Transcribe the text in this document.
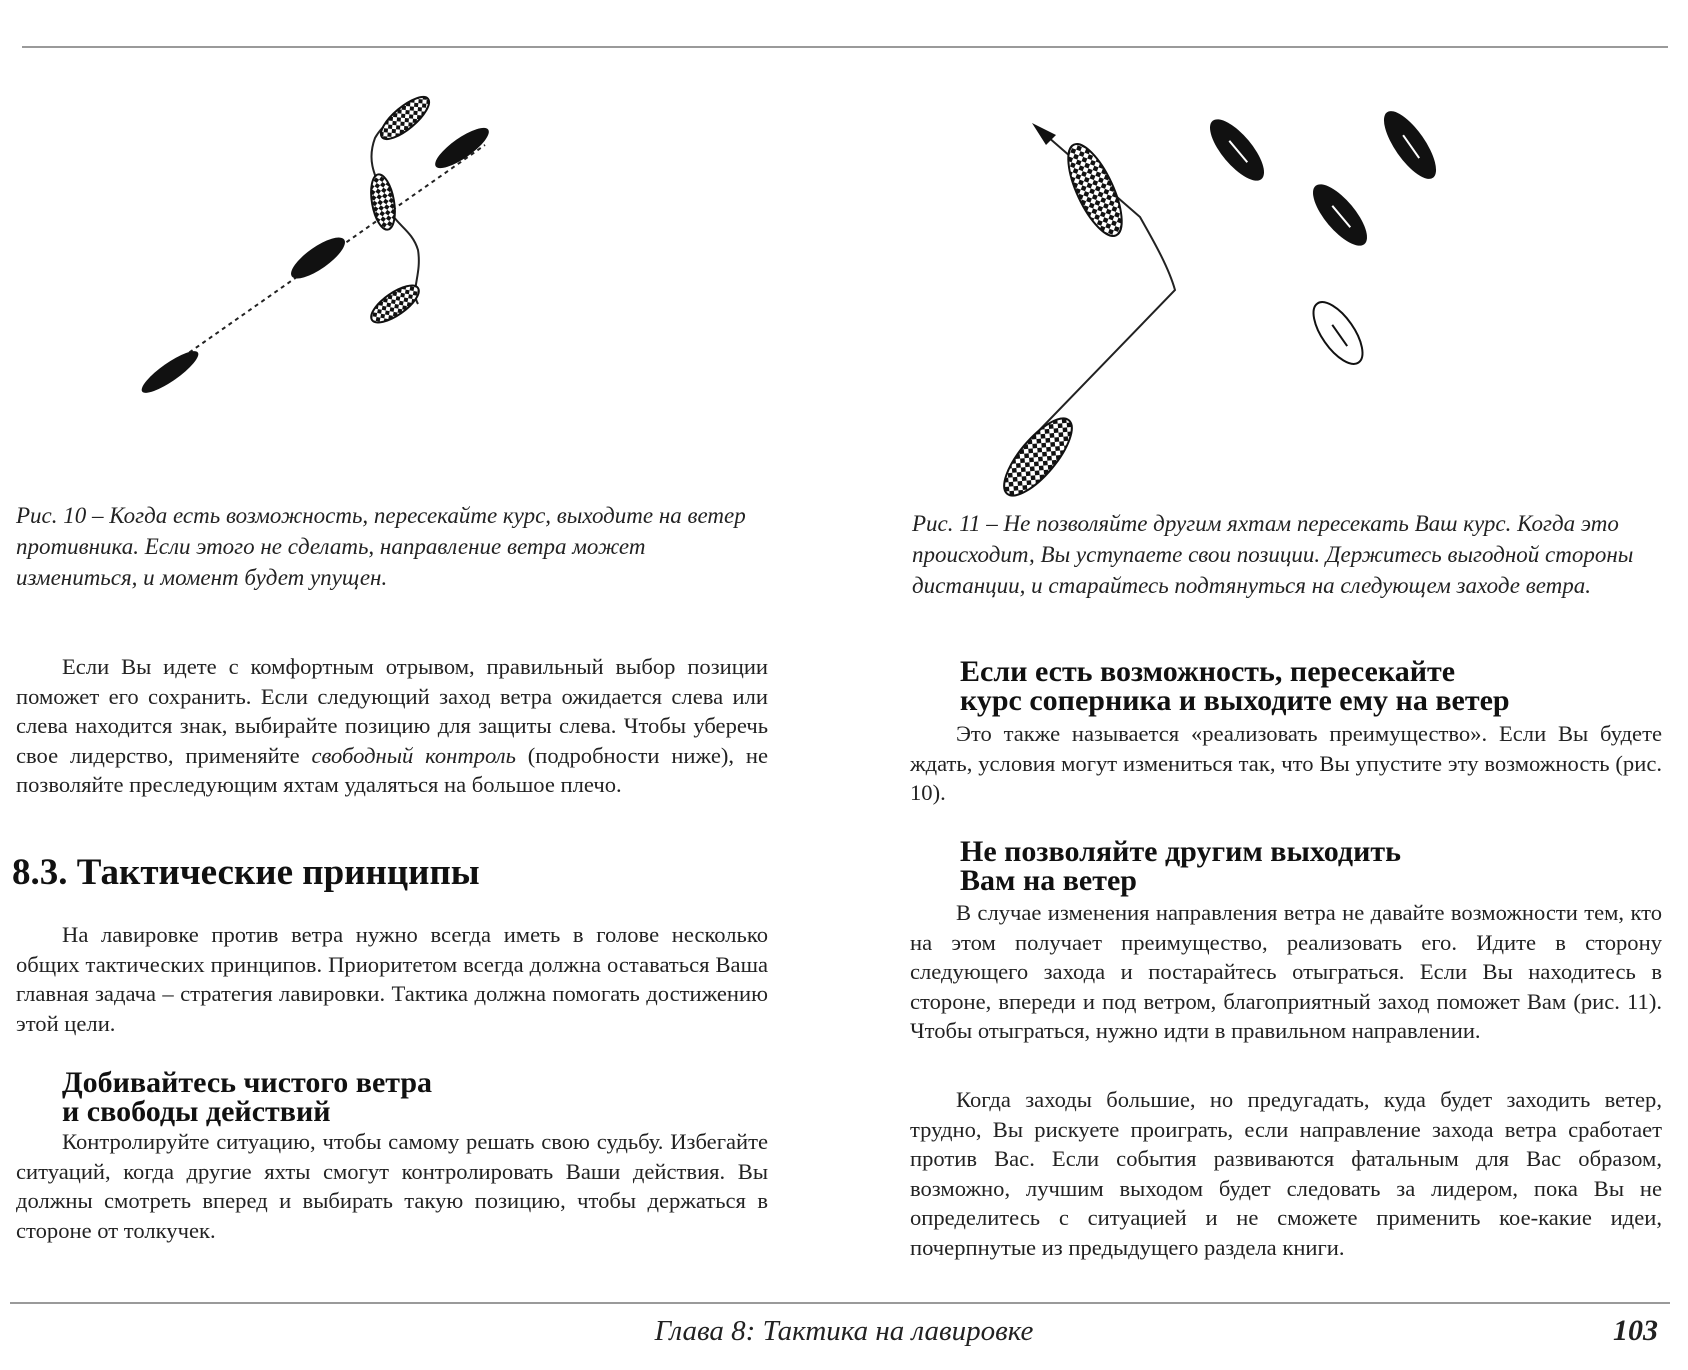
Рис. 10 – Когда есть возможность, пересекайте курс, выходите на ветер противника. Если этого не сделать, направление ветра может измениться, и момент будет упущен.

Рис. 11 – Не позволяйте другим яхтам пересекать Ваш курс. Когда это происходит, Вы уступаете свои позиции. Держитесь выгодной стороны дистанции, и старайтесь подтянуться на следующем заходе ветра.

Если Вы идете с комфортным отрывом, правильный выбор позиции поможет его сохранить. Если следующий заход ветра ожидается слева или слева находится знак, выбирайте позицию для защиты слева. Чтобы уберечь свое лидерство, применяйте свободный контроль (подробности ниже), не позволяйте преследующим яхтам удаляться на большое плечо.

8.3. Тактические принципы

На лавировке против ветра нужно всегда иметь в голове несколько общих тактических принципов. Приоритетом всегда должна оставаться Ваша главная задача – стратегия лавировки. Тактика должна помогать достижению этой цели.

Добивайтесь чистого ветра
и свободы действий

Контролируйте ситуацию, чтобы самому решать свою судьбу. Избегайте ситуаций, когда другие яхты смогут контролировать Ваши действия. Вы должны смотреть вперед и выбирать такую позицию, чтобы держаться в стороне от толкучек.

Если есть возможность, пересекайте
курс соперника и выходите ему на ветер

Это также называется «реализовать преимущество». Если Вы будете ждать, условия могут измениться так, что Вы упустите эту возможность (рис. 10).

Не позволяйте другим выходить
Вам на ветер

В случае изменения направления ветра не давайте возможности тем, кто на этом получает преимущество, реализовать его. Идите в сторону следующего захода и постарайтесь отыграться. Если Вы находитесь в стороне, впереди и под ветром, благоприятный заход поможет Вам (рис. 11). Чтобы отыграться, нужно идти в правильном направлении.

Когда заходы большие, но предугадать, куда будет заходить ветер, трудно, Вы рискуете проиграть, если направление захода ветра сработает против Вас. Если события развиваются фатальным для Вас образом, возможно, лучшим выходом будет следовать за лидером, пока Вы не определитесь с ситуацией и не сможете применить кое-какие идеи, почерпнутые из предыдущего раздела книги.

Глава 8: Тактика на лавировке	103
